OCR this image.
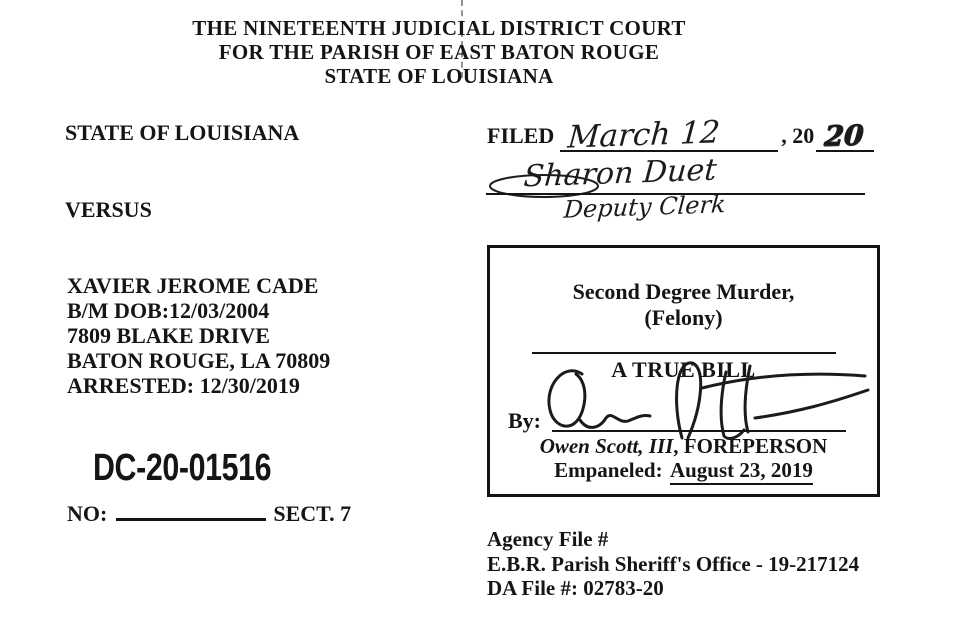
THE NINETEENTH JUDICIAL DISTRICT COURT
FOR THE PARISH OF EAST BATON ROUGE
STATE OF LOUISIANA
STATE OF LOUISIANA
VERSUS
XAVIER JEROME CADE
B/M DOB:12/03/2004
7809 BLAKE DRIVE
BATON ROUGE, LA 70809
ARRESTED: 12/30/2019
DC-20-01516
NO:	SECT. 7
FILED March 12	, 20 20
Sharon Duet
Deputy Clerk
Second Degree Murder,
(Felony)
A TRUE BILL
By:
Owen Scott, III, FOREPERSON
Empaneled: August 23, 2019
Agency File #
E.B.R. Parish Sheriff's Office - 19-217124
DA File #: 02783-20
